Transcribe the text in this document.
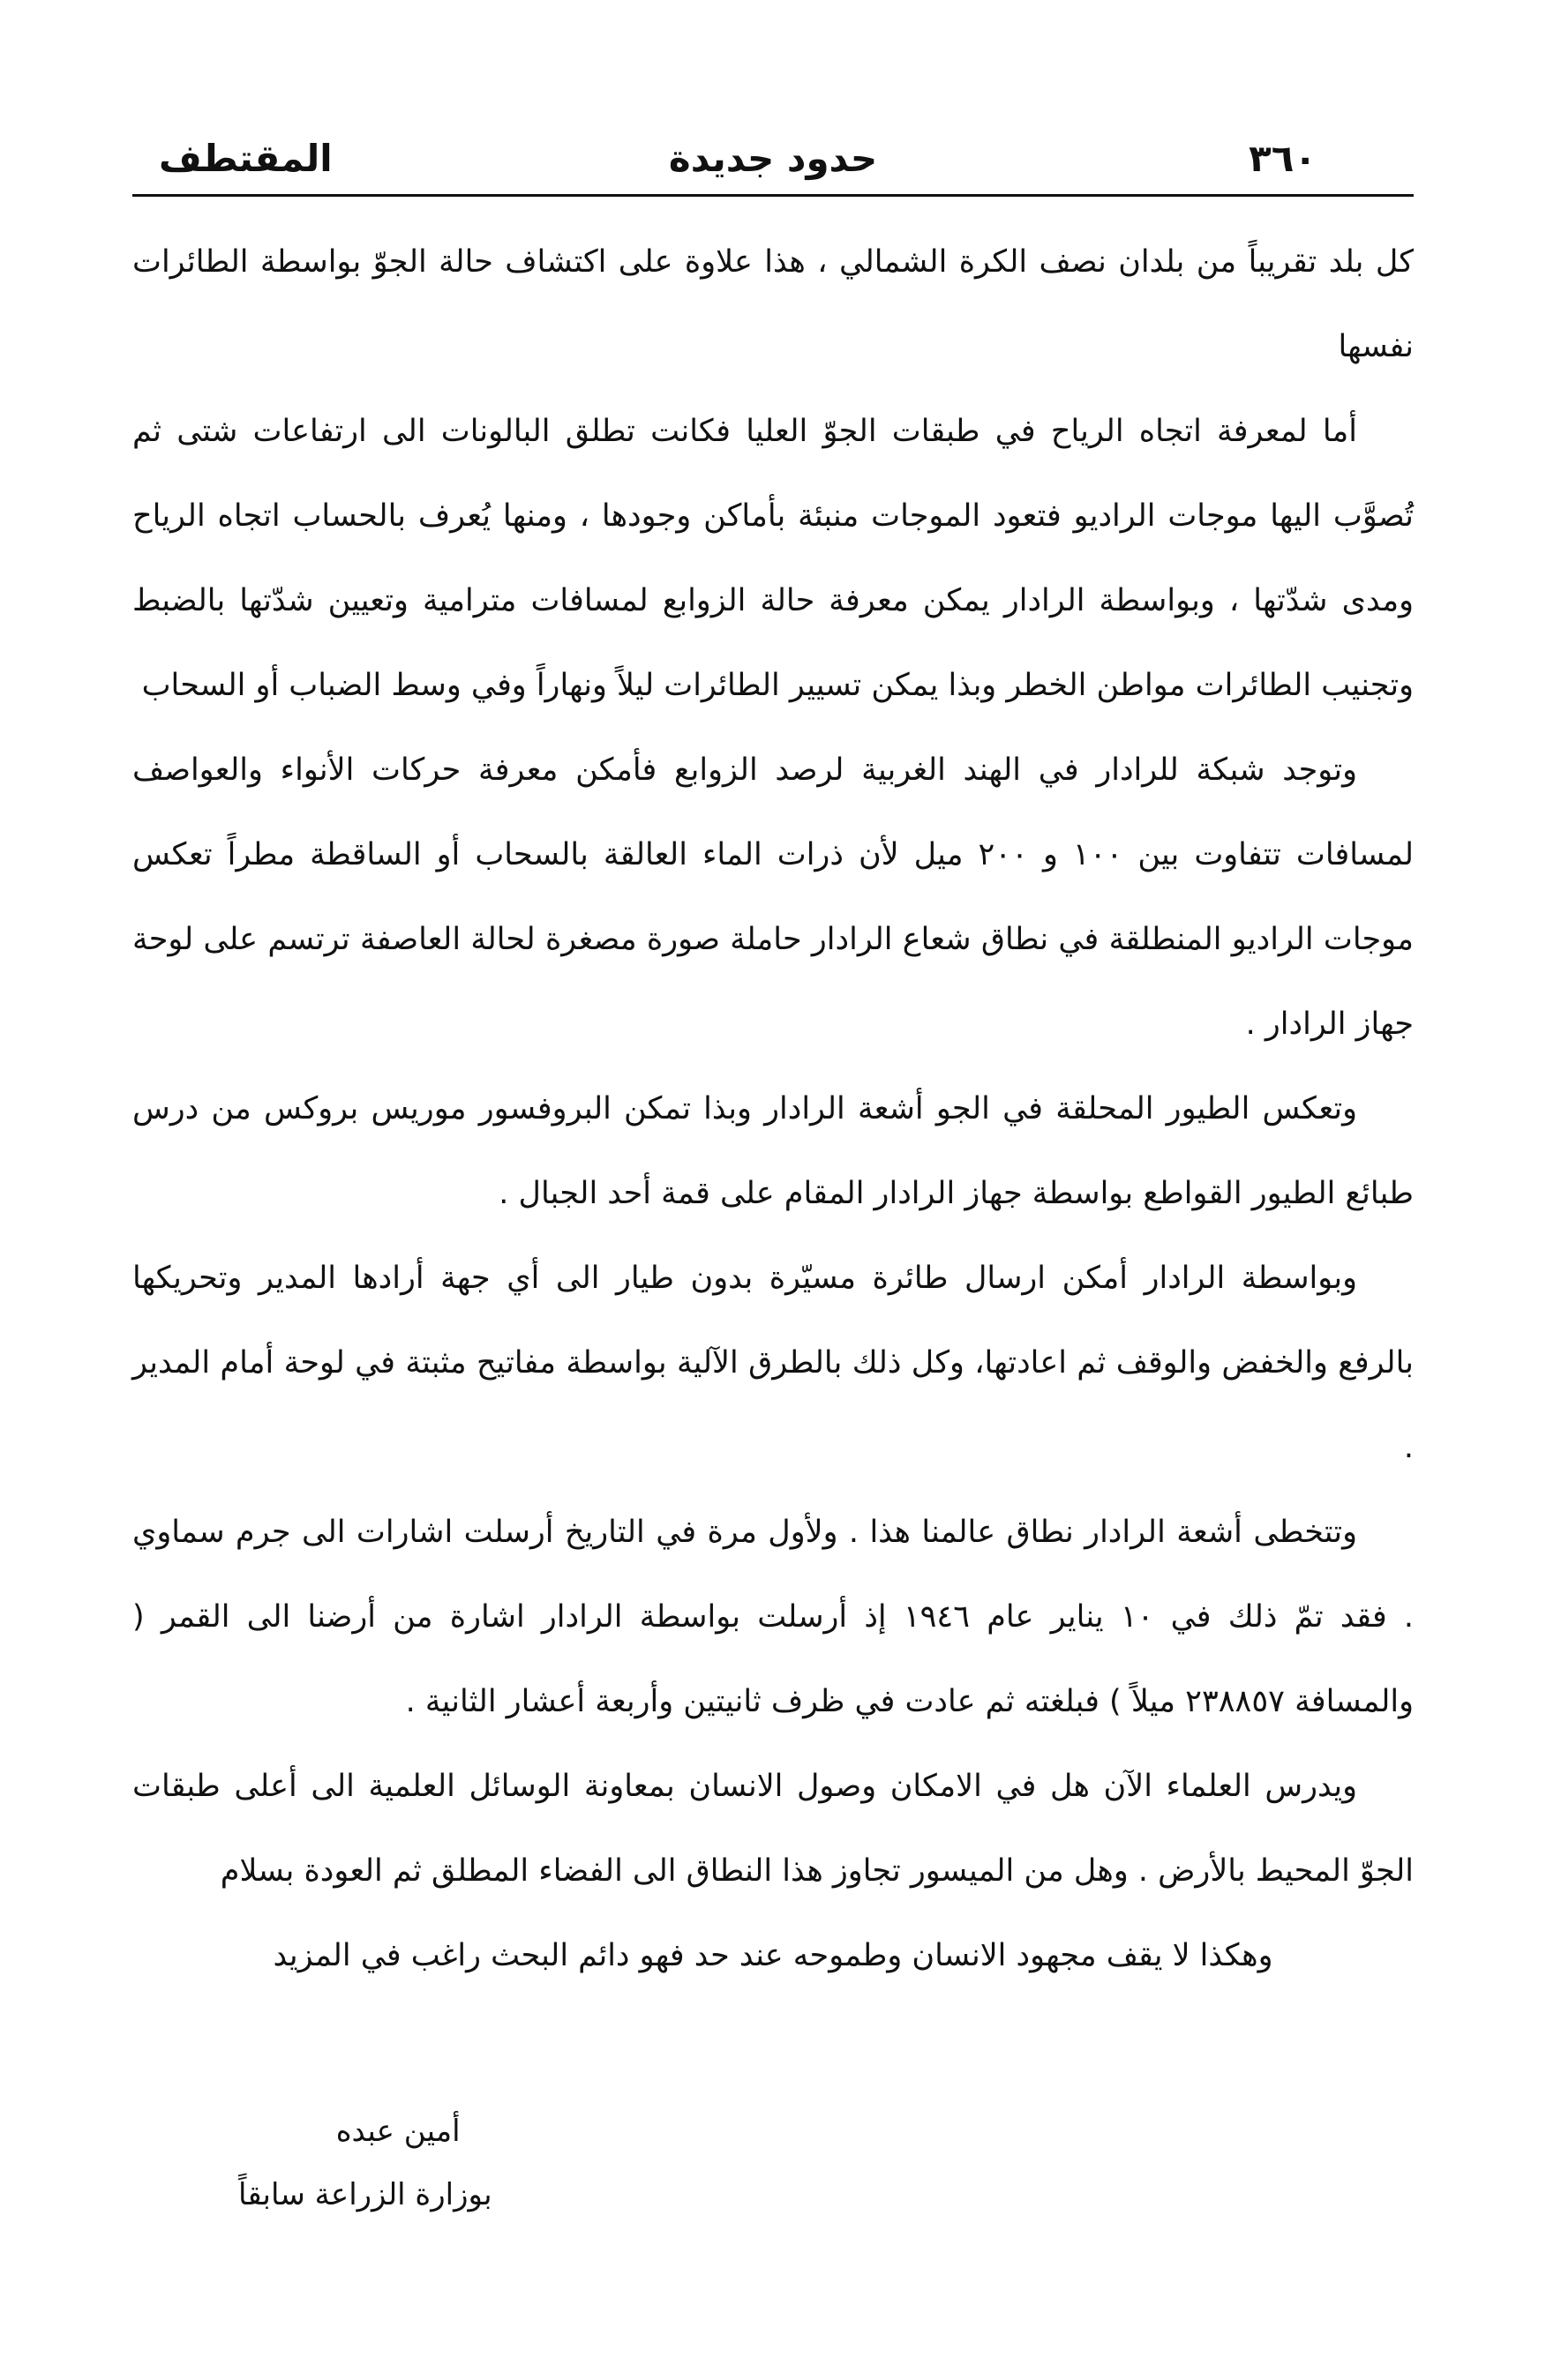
٣٦٠
حدود جديدة
المقتطف

كل بلد تقريباً من بلدان نصف الكرة الشمالي ، هذا علاوة على اكتشاف حالة الجوّ بواسطة الطائرات نفسها

أما لمعرفة اتجاه الرياح في طبقات الجوّ العليا فكانت تطلق البالونات الى ارتفاعات شتى ثم تُصوَّب اليها موجات الراديو فتعود الموجات منبئة بأماكن وجودها ، ومنها يُعرف بالحساب اتجاه الرياح ومدى شدّتها ، وبواسطة الرادار يمكن معرفة حالة الزوابع لمسافات مترامية وتعيين شدّتها بالضبط وتجنيب الطائرات مواطن الخطر وبذا يمكن تسيير الطائرات ليلاً ونهاراً وفي وسط الضباب أو السحاب

وتوجد شبكة للرادار في الهند الغربية لرصد الزوابع فأمكن معرفة حركات الأنواء والعواصف لمسافات تتفاوت بين ١٠٠ و ٢٠٠ ميل لأن ذرات الماء العالقة بالسحاب أو الساقطة مطراً تعكس موجات الراديو المنطلقة في نطاق شعاع الرادار حاملة صورة مصغرة لحالة العاصفة ترتسم على لوحة جهاز الرادار .

وتعكس الطيور المحلقة في الجو أشعة الرادار وبذا تمكن البروفسور موريس بروكس من درس طبائع الطيور القواطع بواسطة جهاز الرادار المقام على قمة أحد الجبال .

وبواسطة الرادار أمكن ارسال طائرة مسيّرة بدون طيار الى أي جهة أرادها المدير وتحريكها بالرفع والخفض والوقف ثم اعادتها، وكل ذلك بالطرق الآلية بواسطة مفاتيح مثبتة في لوحة أمام المدير .

وتتخطى أشعة الرادار نطاق عالمنا هذا . ولأول مرة في التاريخ أرسلت اشارات الى جرم سماوي . فقد تمّ ذلك في ١٠ يناير عام ١٩٤٦ إذ أرسلت بواسطة الرادار اشارة من أرضنا الى القمر ( والمسافة ٢٣٨٨٥٧ ميلاً ) فبلغته ثم عادت في ظرف ثانيتين وأربعة أعشار الثانية .

ويدرس العلماء الآن هل في الامكان وصول الانسان بمعاونة الوسائل العلمية الى أعلى طبقات الجوّ المحيط بالأرض . وهل من الميسور تجاوز هذا النطاق الى الفضاء المطلق ثم العودة بسلام

وهكذا لا يقف مجهود الانسان وطموحه عند حد فهو دائم البحث راغب في المزيد

أمين عبده
بوزارة الزراعة سابقاً
